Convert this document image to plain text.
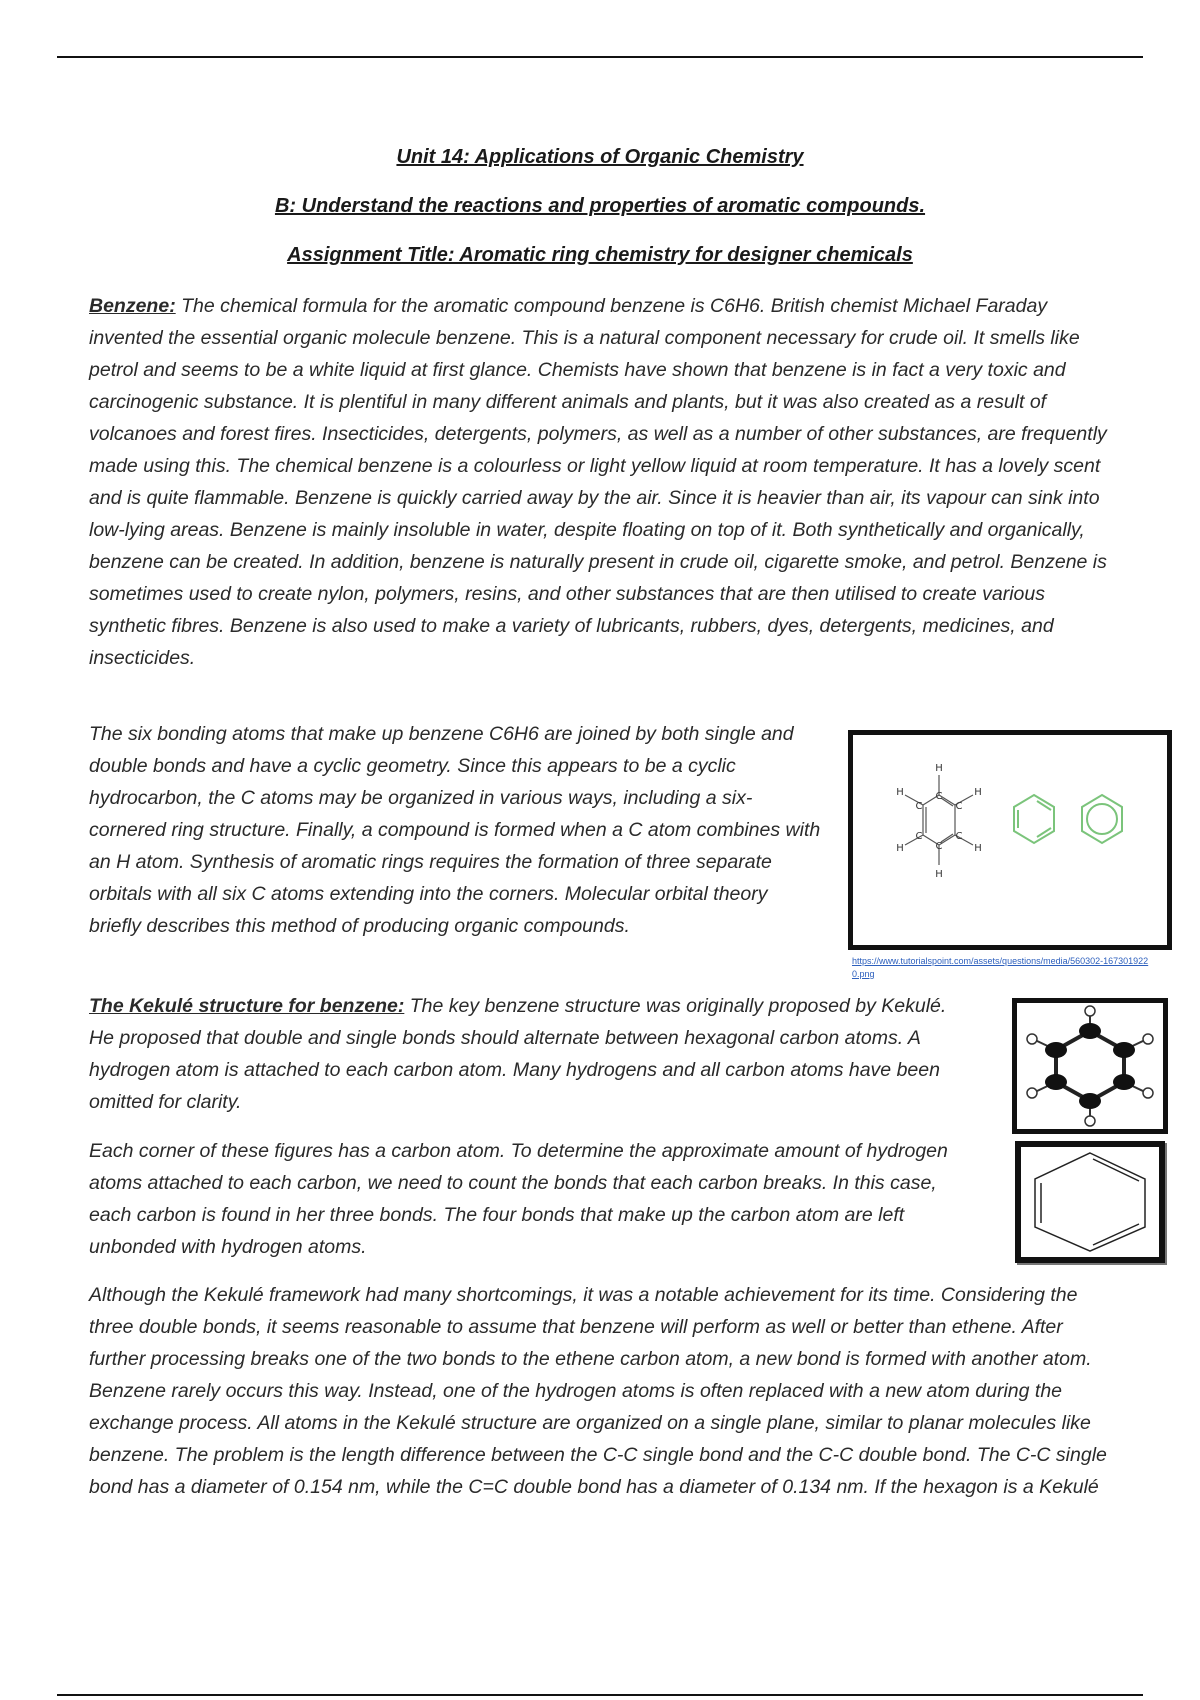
Unit 14: Applications of Organic Chemistry

B: Understand the reactions and properties of aromatic compounds.

Assignment Title: Aromatic ring chemistry for designer chemicals

Benzene: The chemical formula for the aromatic compound benzene is C6H6. British chemist Michael Faraday invented the essential organic molecule benzene. This is a natural component necessary for crude oil. It smells like petrol and seems to be a white liquid at first glance. Chemists have shown that benzene is in fact a very toxic and carcinogenic substance. It is plentiful in many different animals and plants, but it was also created as a result of volcanoes and forest fires. Insecticides, detergents, polymers, as well as a number of other substances, are frequently made using this. The chemical benzene is a colourless or light yellow liquid at room temperature. It has a lovely scent and is quite flammable. Benzene is quickly carried away by the air. Since it is heavier than air, its vapour can sink into low-lying areas. Benzene is mainly insoluble in water, despite floating on top of it. Both synthetically and organically, benzene can be created. In addition, benzene is naturally present in crude oil, cigarette smoke, and petrol. Benzene is sometimes used to create nylon, polymers, resins, and other substances that are then utilised to create various synthetic fibres. Benzene is also used to make a variety of lubricants, rubbers, dyes, detergents, medicines, and insecticides.

The six bonding atoms that make up benzene C6H6 are joined by both single and double bonds and have a cyclic geometry. Since this appears to be a cyclic hydrocarbon, the C atoms may be organized in various ways, including a six-cornered ring structure. Finally, a compound is formed when a C atom combines with an H atom. Synthesis of aromatic rings requires the formation of three separate orbitals with all six C atoms extending into the corners. Molecular orbital theory briefly describes this method of producing organic compounds.

H
C
C	C
C	C
C
H	H
H	H
H
https://www.tutorialspoint.com/assets/questions/media/560302-1673019220.png

The Kekulé structure for benzene: The key benzene structure was originally proposed by Kekulé. He proposed that double and single bonds should alternate between hexagonal carbon atoms. A hydrogen atom is attached to each carbon atom. Many hydrogens and all carbon atoms have been omitted for clarity.

Each corner of these figures has a carbon atom. To determine the approximate amount of hydrogen atoms attached to each carbon, we need to count the bonds that each carbon breaks. In this case, each carbon is found in her three bonds. The four bonds that make up the carbon atom are left unbonded with hydrogen atoms.

Although the Kekulé framework had many shortcomings, it was a notable achievement for its time. Considering the three double bonds, it seems reasonable to assume that benzene will perform as well or better than ethene. After further processing breaks one of the two bonds to the ethene carbon atom, a new bond is formed with another atom. Benzene rarely occurs this way. Instead, one of the hydrogen atoms is often replaced with a new atom during the exchange process. All atoms in the Kekulé structure are organized on a single plane, similar to planar molecules like benzene. The problem is the length difference between the C-C single bond and the C-C double bond. The C-C single bond has a diameter of 0.154 nm, while the C=C double bond has a diameter of 0.134 nm. If the hexagon is a Kekulé
